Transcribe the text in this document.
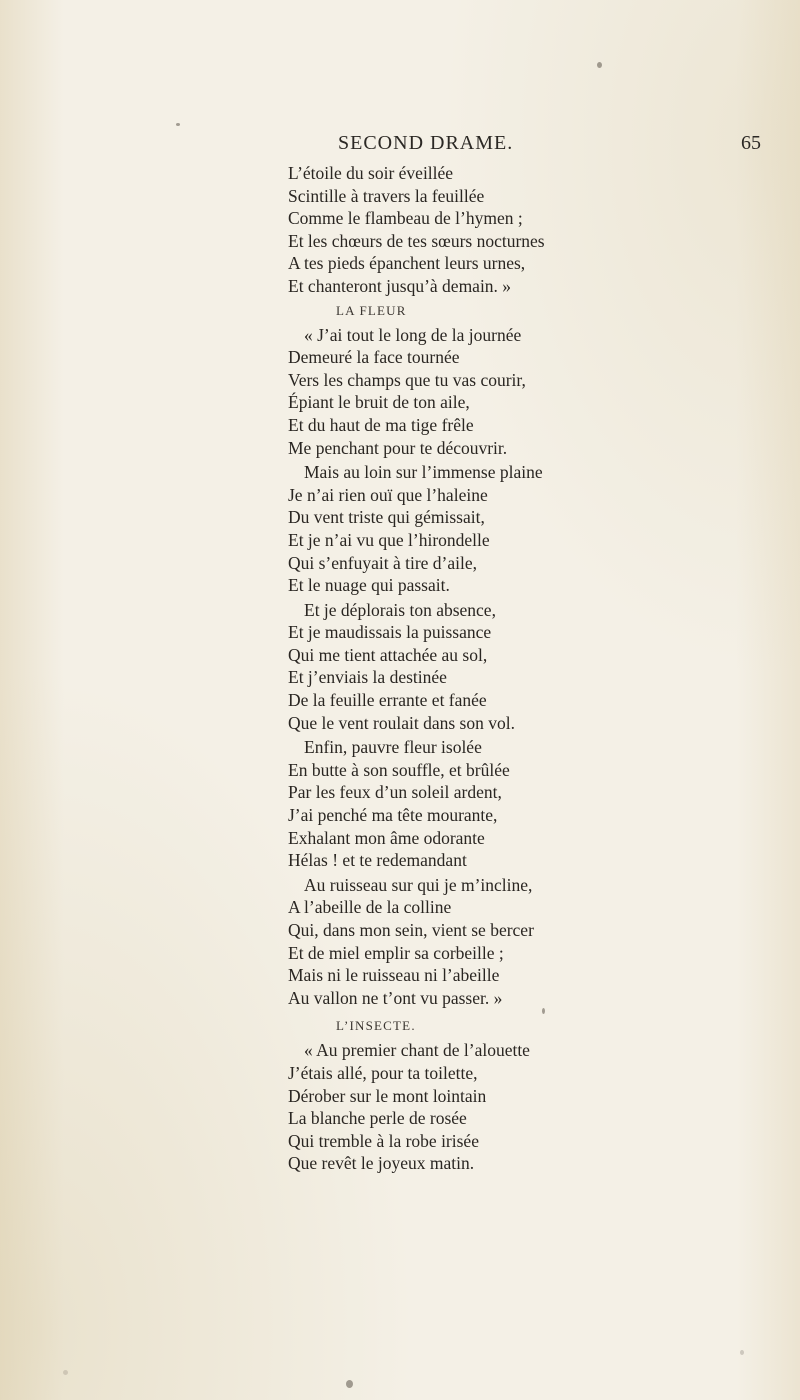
SECOND DRAME.	65
L’étoile du soir éveillée
Scintille à travers la feuillée
Comme le flambeau de l’hymen ;
Et les chœurs de tes sœurs nocturnes
A tes pieds épanchent leurs urnes,
Et chanteront jusqu’à demain. »
LA FLEUR
« J’ai tout le long de la journée
Demeuré la face tournée
Vers les champs que tu vas courir,
Épiant le bruit de ton aile,
Et du haut de ma tige frêle
Me penchant pour te découvrir.
Mais au loin sur l’immense plaine
Je n’ai rien ouï que l’haleine
Du vent triste qui gémissait,
Et je n’ai vu que l’hirondelle
Qui s’enfuyait à tire d’aile,
Et le nuage qui passait.
Et je déplorais ton absence,
Et je maudissais la puissance
Qui me tient attachée au sol,
Et j’enviais la destinée
De la feuille errante et fanée
Que le vent roulait dans son vol.
Enfin, pauvre fleur isolée
En butte à son souffle, et brûlée
Par les feux d’un soleil ardent,
J’ai penché ma tête mourante,
Exhalant mon âme odorante
Hélas ! et te redemandant
Au ruisseau sur qui je m’incline,
A l’abeille de la colline
Qui, dans mon sein, vient se bercer
Et de miel emplir sa corbeille ;
Mais ni le ruisseau ni l’abeille
Au vallon ne t’ont vu passer. »
L’INSECTE.
« Au premier chant de l’alouette
J’étais allé, pour ta toilette,
Dérober sur le mont lointain
La blanche perle de rosée
Qui tremble à la robe irisée
Que revêt le joyeux matin.
